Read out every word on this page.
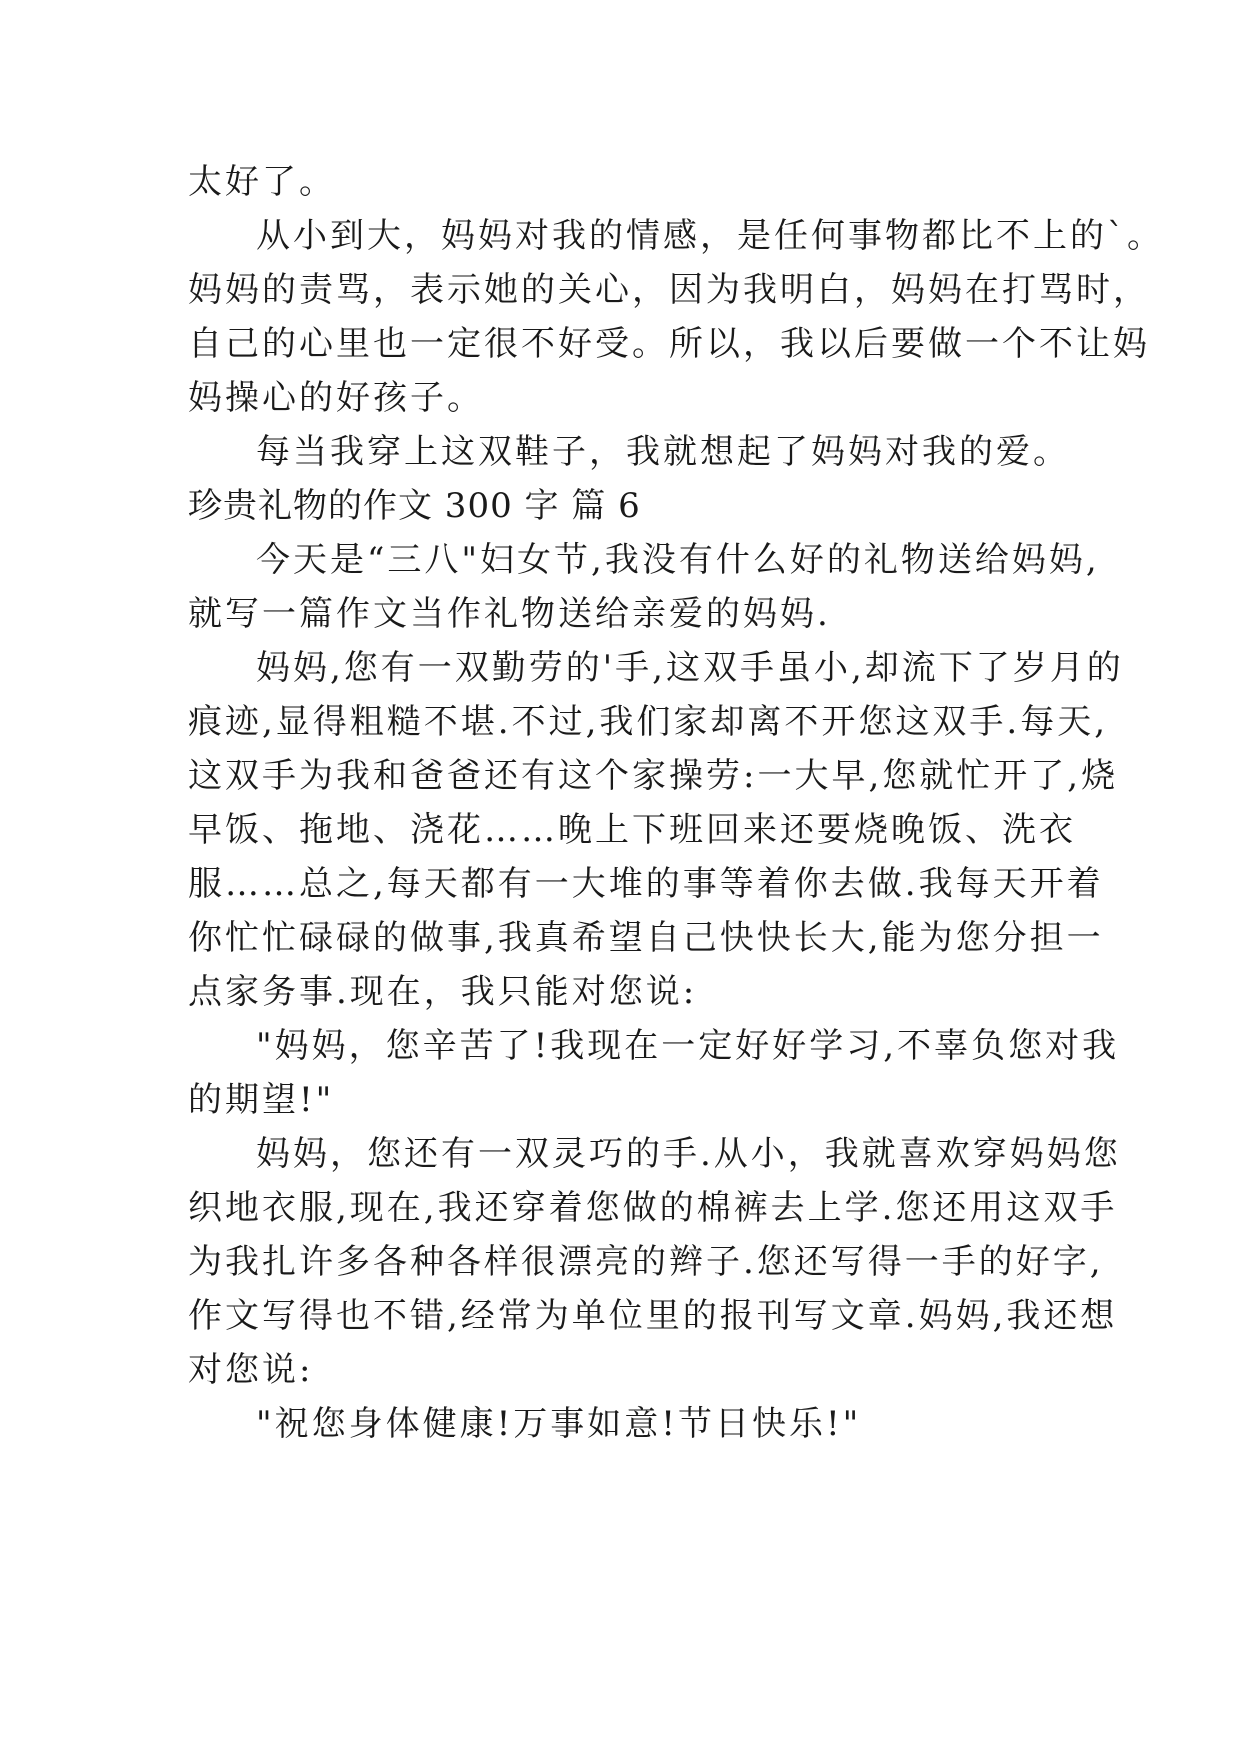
太好了。
从小到大，妈妈对我的情感，是任何事物都比不上的`。
妈妈的责骂，表示她的关心，因为我明白，妈妈在打骂时，
自己的心里也一定很不好受。所以，我以后要做一个不让妈
妈操心的好孩子。
每当我穿上这双鞋子，我就想起了妈妈对我的爱。
珍贵礼物的作文 300 字 篇 6
今天是“三八"妇女节,我没有什么好的礼物送给妈妈,
就写一篇作文当作礼物送给亲爱的妈妈.
妈妈,您有一双勤劳的'手,这双手虽小,却流下了岁月的
痕迹,显得粗糙不堪.不过,我们家却离不开您这双手.每天,
这双手为我和爸爸还有这个家操劳:一大早,您就忙开了,烧
早饭、拖地、浇花……晚上下班回来还要烧晚饭、洗衣
服……总之,每天都有一大堆的事等着你去做.我每天开着
你忙忙碌碌的做事,我真希望自己快快长大,能为您分担一
点家务事.现在，我只能对您说:
"妈妈，您辛苦了!我现在一定好好学习,不辜负您对我
的期望!"
妈妈，您还有一双灵巧的手.从小，我就喜欢穿妈妈您
织地衣服,现在,我还穿着您做的棉裤去上学.您还用这双手
为我扎许多各种各样很漂亮的辫子.您还写得一手的好字,
作文写得也不错,经常为单位里的报刊写文章.妈妈,我还想
对您说:
"祝您身体健康!万事如意!节日快乐!"
